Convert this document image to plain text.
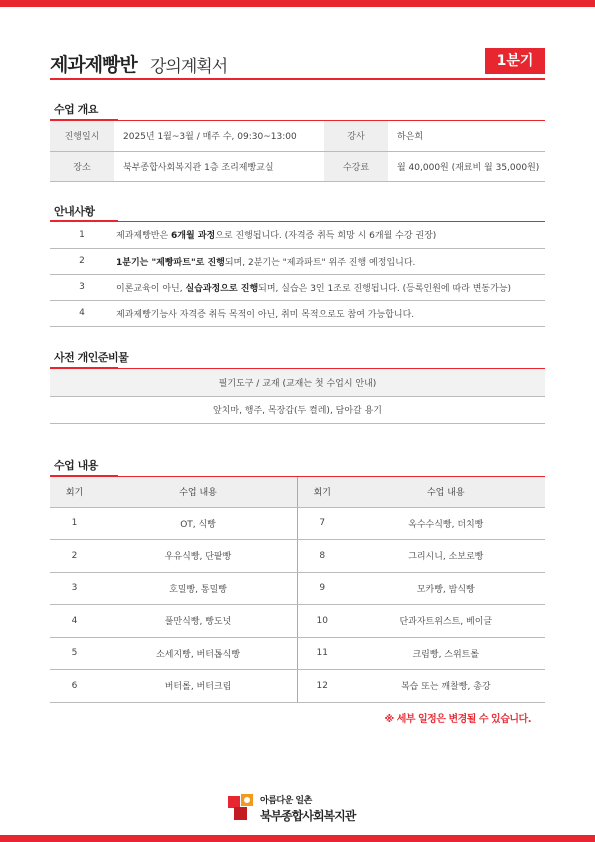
제과제빵반 강의계획서	1분기
수업 개요
진행일시	2025년 1월~3월 / 매주 수, 09:30~13:00	강사	하은희
장소	북부종합사회복지관 1층 조리제빵교실	수강료	월 40,000원 (재료비 월 35,000원)
안내사항
1	제과제빵반은 6개월 과정으로 진행됩니다. (자격증 취득 희망 시 6개월 수강 권장)
2	1분기는 "제빵파트"로 진행되며, 2분기는 "제과파트" 위주 진행 예정입니다.
3	이론교육이 아닌, 실습과정으로 진행되며, 실습은 3인 1조로 진행됩니다. (등록인원에 따라 변동가능)
4	제과제빵기능사 자격증 취득 목적이 아닌, 취미 목적으로도 참여 가능합니다.
사전 개인준비물
필기도구 / 교재 (교재는 첫 수업시 안내)
앞치마, 행주, 목장갑(두 켤레), 담아갈 용기
수업 내용
회기	수업 내용	회기	수업 내용
1	OT, 식빵	7	옥수수식빵, 더치빵
2	우유식빵, 단팥빵	8	그리시니, 소보로빵
3	호밀빵, 통밀빵	9	모카빵, 밤식빵
4	풀만식빵, 빵도넛	10	단과자트위스트, 베이글
5	소세지빵, 버터톱식빵	11	크림빵, 스위트롤
6	버터롤, 버터크림	12	복습 또는 깨찰빵, 총강
※ 세부 일정은 변경될 수 있습니다.
아름다운 일촌
북부종합사회복지관
